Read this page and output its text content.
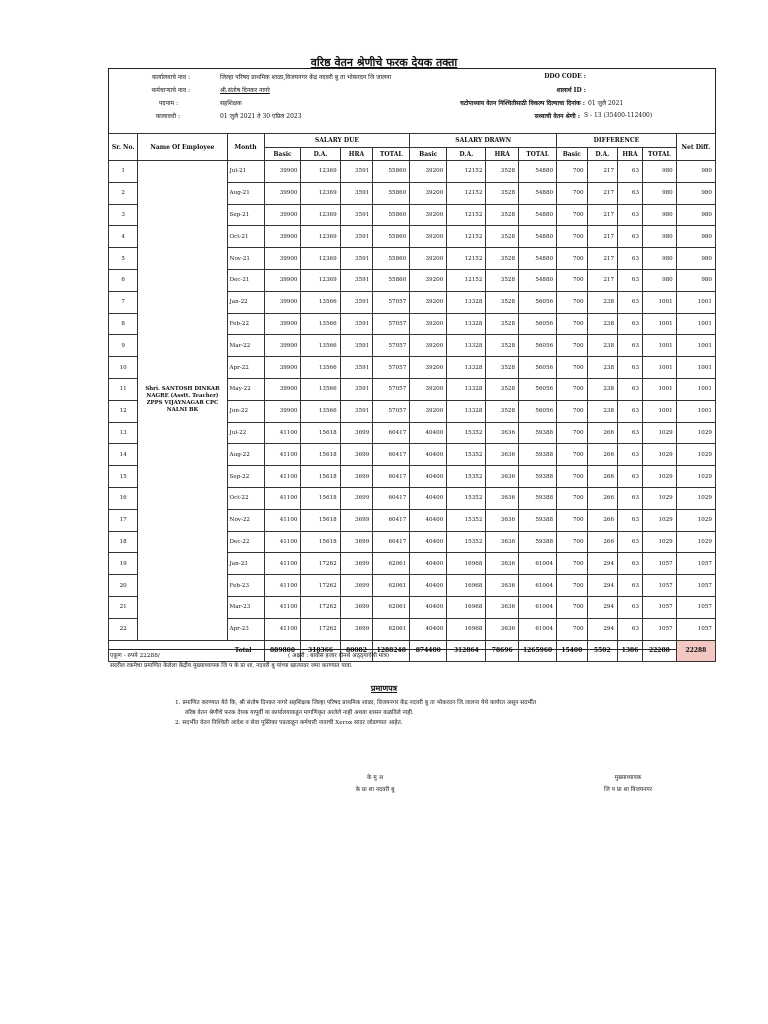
वरिष्ठ वेतन श्रेणीचे फरक देयक तक्ता
कार्यालयाचे नाव :	जिल्हा परिषद प्राथमिक शाळा,विजयनगर केंद्र नदवरी बु ता भोकरदन जि जालना
कर्मचाऱ्याचे नाव :	श्री.संतोष दिनकर नागरे
पदनाम :	सहशिक्षक
कालावधी :	01 जुलै 2021 ते 30 एप्रिल 2023
DDO CODE :
शालार्थ ID :
चटोपाध्याय वेतन निश्चितीसाठी विकल्प दिल्याचा दिनांक : 01 जुलै 2021
सध्याची वेतन श्रेणी : S - 13 (35400-112400)
Sr. No.	Name Of Employee	Month	SALARY DUE				SALARY DRAWN				DIFFERENCE				Net Diff.
			Basic	D.A.	HRA	TOTAL	Basic	D.A.	HRA	TOTAL	Basic	D.A.	HRA	TOTAL	
1	Shri. SANTOSH DINKAR NAGRE (Asstt. Teacher) ZPPS VIJAYNAGAR CPC NALNI BK	Jul-21	39900	12369	3591	55860	39200	12152	3528	54880	700	217	63	980	980
2		Aug-21	39900	12369	3591	55860	39200	12152	3528	54880	700	217	63	980	980
3		Sep-21	39900	12369	3591	55860	39200	12152	3528	54880	700	217	63	980	980
4		Oct-21	39900	12369	3591	55860	39200	12152	3528	54880	700	217	63	980	980
5		Nov-21	39900	12369	3591	55860	39200	12152	3528	54880	700	217	63	980	980
6		Dec-21	39900	12369	3591	55860	39200	12152	3528	54880	700	217	63	980	980
7		Jan-22	39900	13566	3591	57057	39200	13328	3528	56056	700	238	63	1001	1001
8		Feb-22	39900	13566	3591	57057	39200	13328	3528	56056	700	238	63	1001	1001
9		Mar-22	39900	13566	3591	57057	39200	13328	3528	56056	700	238	63	1001	1001
10		Apr-22	39900	13566	3591	57057	39200	13328	3528	56056	700	238	63	1001	1001
11		May-22	39900	13566	3591	57057	39200	13328	3528	56056	700	238	63	1001	1001
12		Jun-22	39900	13566	3591	57057	39200	13328	3528	56056	700	238	63	1001	1001
13		Jul-22	41100	15618	3699	60417	40400	15352	3636	59388	700	266	63	1029	1029
14		Aug-22	41100	15618	3699	60417	40400	15352	3636	59388	700	266	63	1029	1029
15		Sep-22	41100	15618	3699	60417	40400	15352	3636	59388	700	266	63	1029	1029
16		Oct-22	41100	15618	3699	60417	40400	15352	3636	59388	700	266	63	1029	1029
17		Nov-22	41100	15618	3699	60417	40400	15352	3636	59388	700	266	63	1029	1029
18		Dec-22	41100	15618	3699	60417	40400	15352	3636	59388	700	266	63	1029	1029
19		Jan-23	41100	17262	3699	62061	40400	16968	3636	61004	700	294	63	1057	1057
20		Feb-23	41100	17262	3699	62061	40400	16968	3636	61004	700	294	63	1057	1057
21		Mar-23	41100	17262	3699	62061	40400	16968	3636	61004	700	294	63	1057	1057
22		Apr-23	41100	17262	3699	62061	40400	16968	3636	61004	700	294	63	1057	1057
Total			889800	318366	80082	1288248	874400	312864	78696	1265960	15400	5502	1386	22288	22288
एकूण - रुपये 22288/	( अक्षरी : बावीस हजार दोनशे अठ्ठ्याऐंशी मात्र)
सदरील रकमेचा प्रमाणित केलेला केंद्रीय मुख्याध्यापक जि प के प्रा शा, नदवरी बु यांच्या खात्यावर जमा करण्यात यावा.
प्रमाणपत्र
1. प्रमाणित करण्यात येते कि, श्री संतोष दिनकर नागरे सहशिक्षक जिल्हा परिषद प्राथमिक शाळा, विजयनगर केंद्र नदवरी बु ता भोकरदन जि.जालना येथे कार्यरत असून सदर्भीत
वरिष्ठ वेतन श्रेणीचे फरक देयक यापूर्वी या कार्यालयाकडून मागणिकृत आलेले नाही अथवा शासन कळविले नाही.
2. सदर्भीत वेतन निश्चिती आदेश व सेवा पुस्तिका पडताळून कर्मचारी नावाची Xerox सादर जोडण्यात आहेत.
के मु अ
के प्रा शा नदवरी बु
मुख्याध्यापक
जि प प्रा शा विजयनगर
